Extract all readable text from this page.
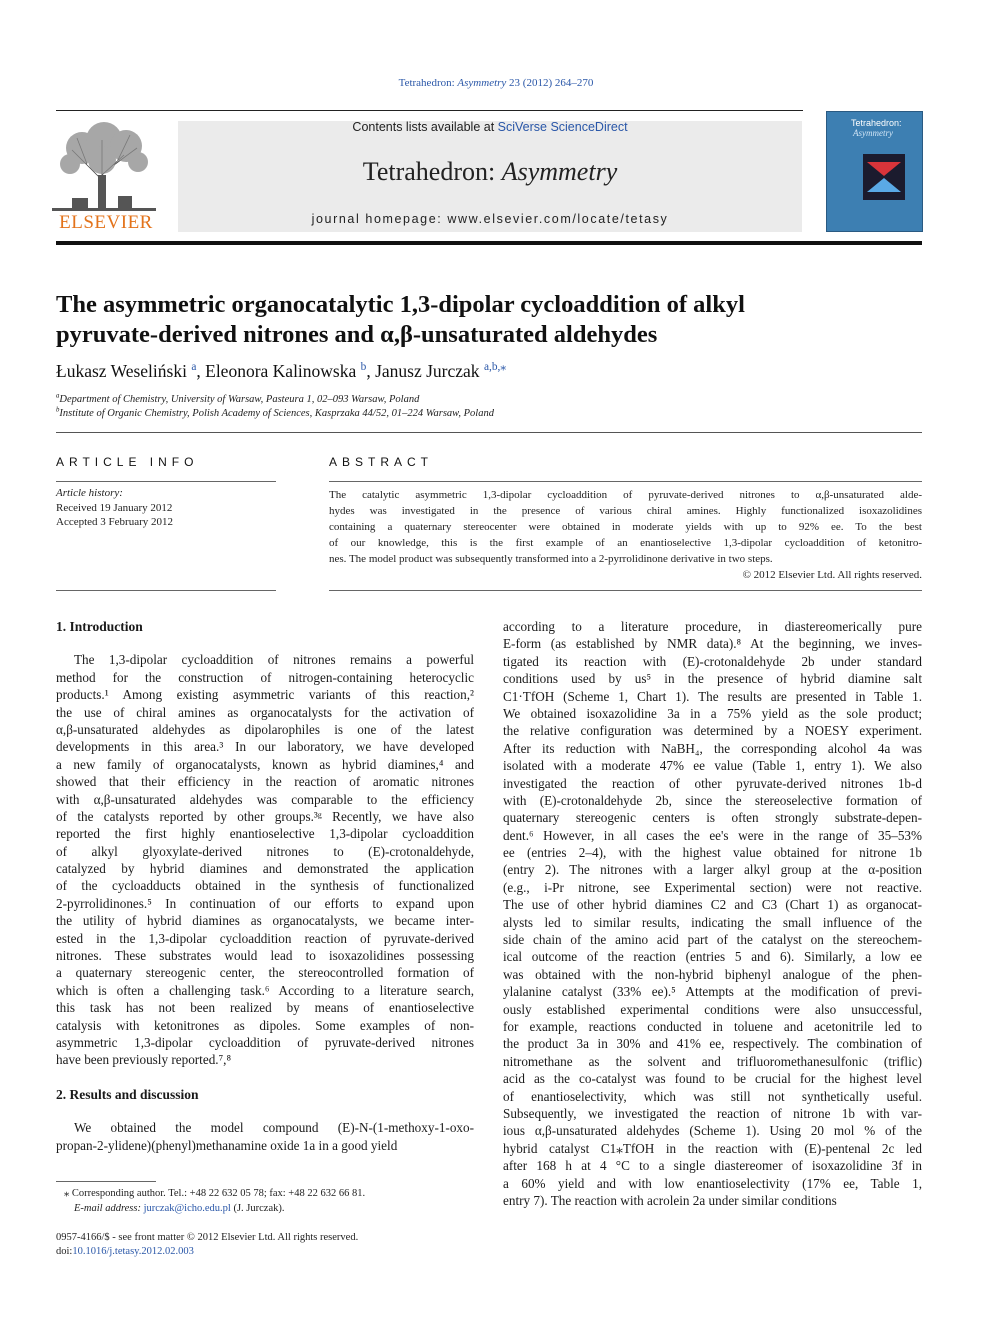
Tetrahedron: Asymmetry 23 (2012) 264–270
ELSEVIER
Contents lists available at SciVerse ScienceDirect
Tetrahedron: Asymmetry
journal homepage: www.elsevier.com/locate/tetasy
Tetrahedron:
Asymmetry
The asymmetric organocatalytic 1,3-dipolar cycloaddition of alkyl
pyruvate-derived nitrones and α,β-unsaturated aldehydes
Łukasz Weseliński $^a$, Eleonora Kalinowska $^b$, Janusz Jurczak $^{a,b,⁎}$
$^a$Department of Chemistry, University of Warsaw, Pasteura 1, 02–093 Warsaw, Poland
$^b$Institute of Organic Chemistry, Polish Academy of Sciences, Kasprzaka 44/52, 01–224 Warsaw, Poland
ARTICLE INFO
Article history:
Received 19 January 2012
Accepted 3 February 2012
ABSTRACT
The catalytic asymmetric 1,3-dipolar cycloaddition of pyruvate-derived nitrones to α,β-unsaturated alde-
hydes was investigated in the presence of various chiral amines. Highly functionalized isoxazolidines
containing a quaternary stereocenter were obtained in moderate yields with up to 92% ee. To the best
of our knowledge, this is the first example of an enantioselective 1,3-dipolar cycloaddition of ketonitro-
nes. The model product was subsequently transformed into a 2-pyrrolidinone derivative in two steps.
© 2012 Elsevier Ltd. All rights reserved.
1. Introduction
The 1,3-dipolar cycloaddition of nitrones remains a powerful
method for the construction of nitrogen-containing heterocyclic
products.¹ Among existing asymmetric variants of this reaction,²
the use of chiral amines as organocatalysts for the activation of
α,β-unsaturated aldehydes as dipolarophiles is one of the latest
developments in this area.³ In our laboratory, we have developed
a new family of organocatalysts, known as hybrid diamines,⁴ and
showed that their efficiency in the reaction of aromatic nitrones
with α,β-unsaturated aldehydes was comparable to the efficiency
of the catalysts reported by other groups.³ᵍ Recently, we have also
reported the first highly enantioselective 1,3-dipolar cycloaddition
of alkyl glyoxylate-derived nitrones to (E)-crotonaldehyde,
catalyzed by hybrid diamines and demonstrated the application
of the cycloadducts obtained in the synthesis of functionalized
2-pyrrolidinones.⁵ In continuation of our efforts to expand upon
the utility of hybrid diamines as organocatalysts, we became inter-
ested in the 1,3-dipolar cycloaddition reaction of pyruvate-derived
nitrones. These substrates would lead to isoxazolidines possessing
a quaternary stereogenic center, the stereocontrolled formation of
which is often a challenging task.⁶ According to a literature search,
this task has not been realized by means of enantioselective
catalysis with ketonitrones as dipoles. Some examples of non-
asymmetric 1,3-dipolar cycloaddition of pyruvate-derived nitrones
have been previously reported.⁷,⁸
2. Results and discussion
We obtained the model compound (E)-N-(1-methoxy-1-oxo-
propan-2-ylidene)(phenyl)methanamine oxide 1a in a good yield
according to a literature procedure, in diastereomerically pure
E-form (as established by NMR data).⁸ At the beginning, we inves-
tigated its reaction with (E)-crotonaldehyde 2b under standard
conditions used by us⁵ in the presence of hybrid diamine salt
C1·TfOH (Scheme 1, Chart 1). The results are presented in Table 1.
We obtained isoxazolidine 3a in a 75% yield as the sole product;
the relative configuration was determined by a NOESY experiment.
After its reduction with NaBH₄, the corresponding alcohol 4a was
isolated with a moderate 47% ee value (Table 1, entry 1). We also
investigated the reaction of other pyruvate-derived nitrones 1b-d
with (E)-crotonaldehyde 2b, since the stereoselective formation of
quaternary stereogenic centers is often strongly substrate-depen-
dent.⁶ However, in all cases the ee's were in the range of 35–53%
ee (entries 2–4), with the highest value obtained for nitrone 1b
(entry 2). The nitrones with a larger alkyl group at the α-position
(e.g., i-Pr nitrone, see Experimental section) were not reactive.
The use of other hybrid diamines C2 and C3 (Chart 1) as organocat-
alysts led to similar results, indicating the small influence of the
side chain of the amino acid part of the catalyst on the stereochem-
ical outcome of the reaction (entries 5 and 6). Similarly, a low ee
was obtained with the non-hybrid biphenyl analogue of the phen-
ylalanine catalyst (33% ee).⁵ Attempts at the modification of previ-
ously established experimental conditions were also unsuccessful,
for example, reactions conducted in toluene and acetonitrile led to
the product 3a in 30% and 41% ee, respectively. The combination of
nitromethane as the solvent and trifluoromethanesulfonic (triflic)
acid as the co-catalyst was found to be crucial for the highest level
of enantioselectivity, which was still not synthetically useful.
Subsequently, we investigated the reaction of nitrone 1b with var-
ious α,β-unsaturated aldehydes (Scheme 1). Using 20 mol % of the
hybrid catalyst C1⁎TfOH in the reaction with (E)-pentenal 2c led
after 168 h at 4 °C to a single diastereomer of isoxazolidine 3f in
a 60% yield and with low enantioselectivity (17% ee, Table 1,
entry 7). The reaction with acrolein 2a under similar conditions
⁎ Corresponding author. Tel.: +48 22 632 05 78; fax: +48 22 632 66 81.
E-mail address: jurczak@icho.edu.pl (J. Jurczak).
0957-4166/$ - see front matter © 2012 Elsevier Ltd. All rights reserved.
doi:10.1016/j.tetasy.2012.02.003
